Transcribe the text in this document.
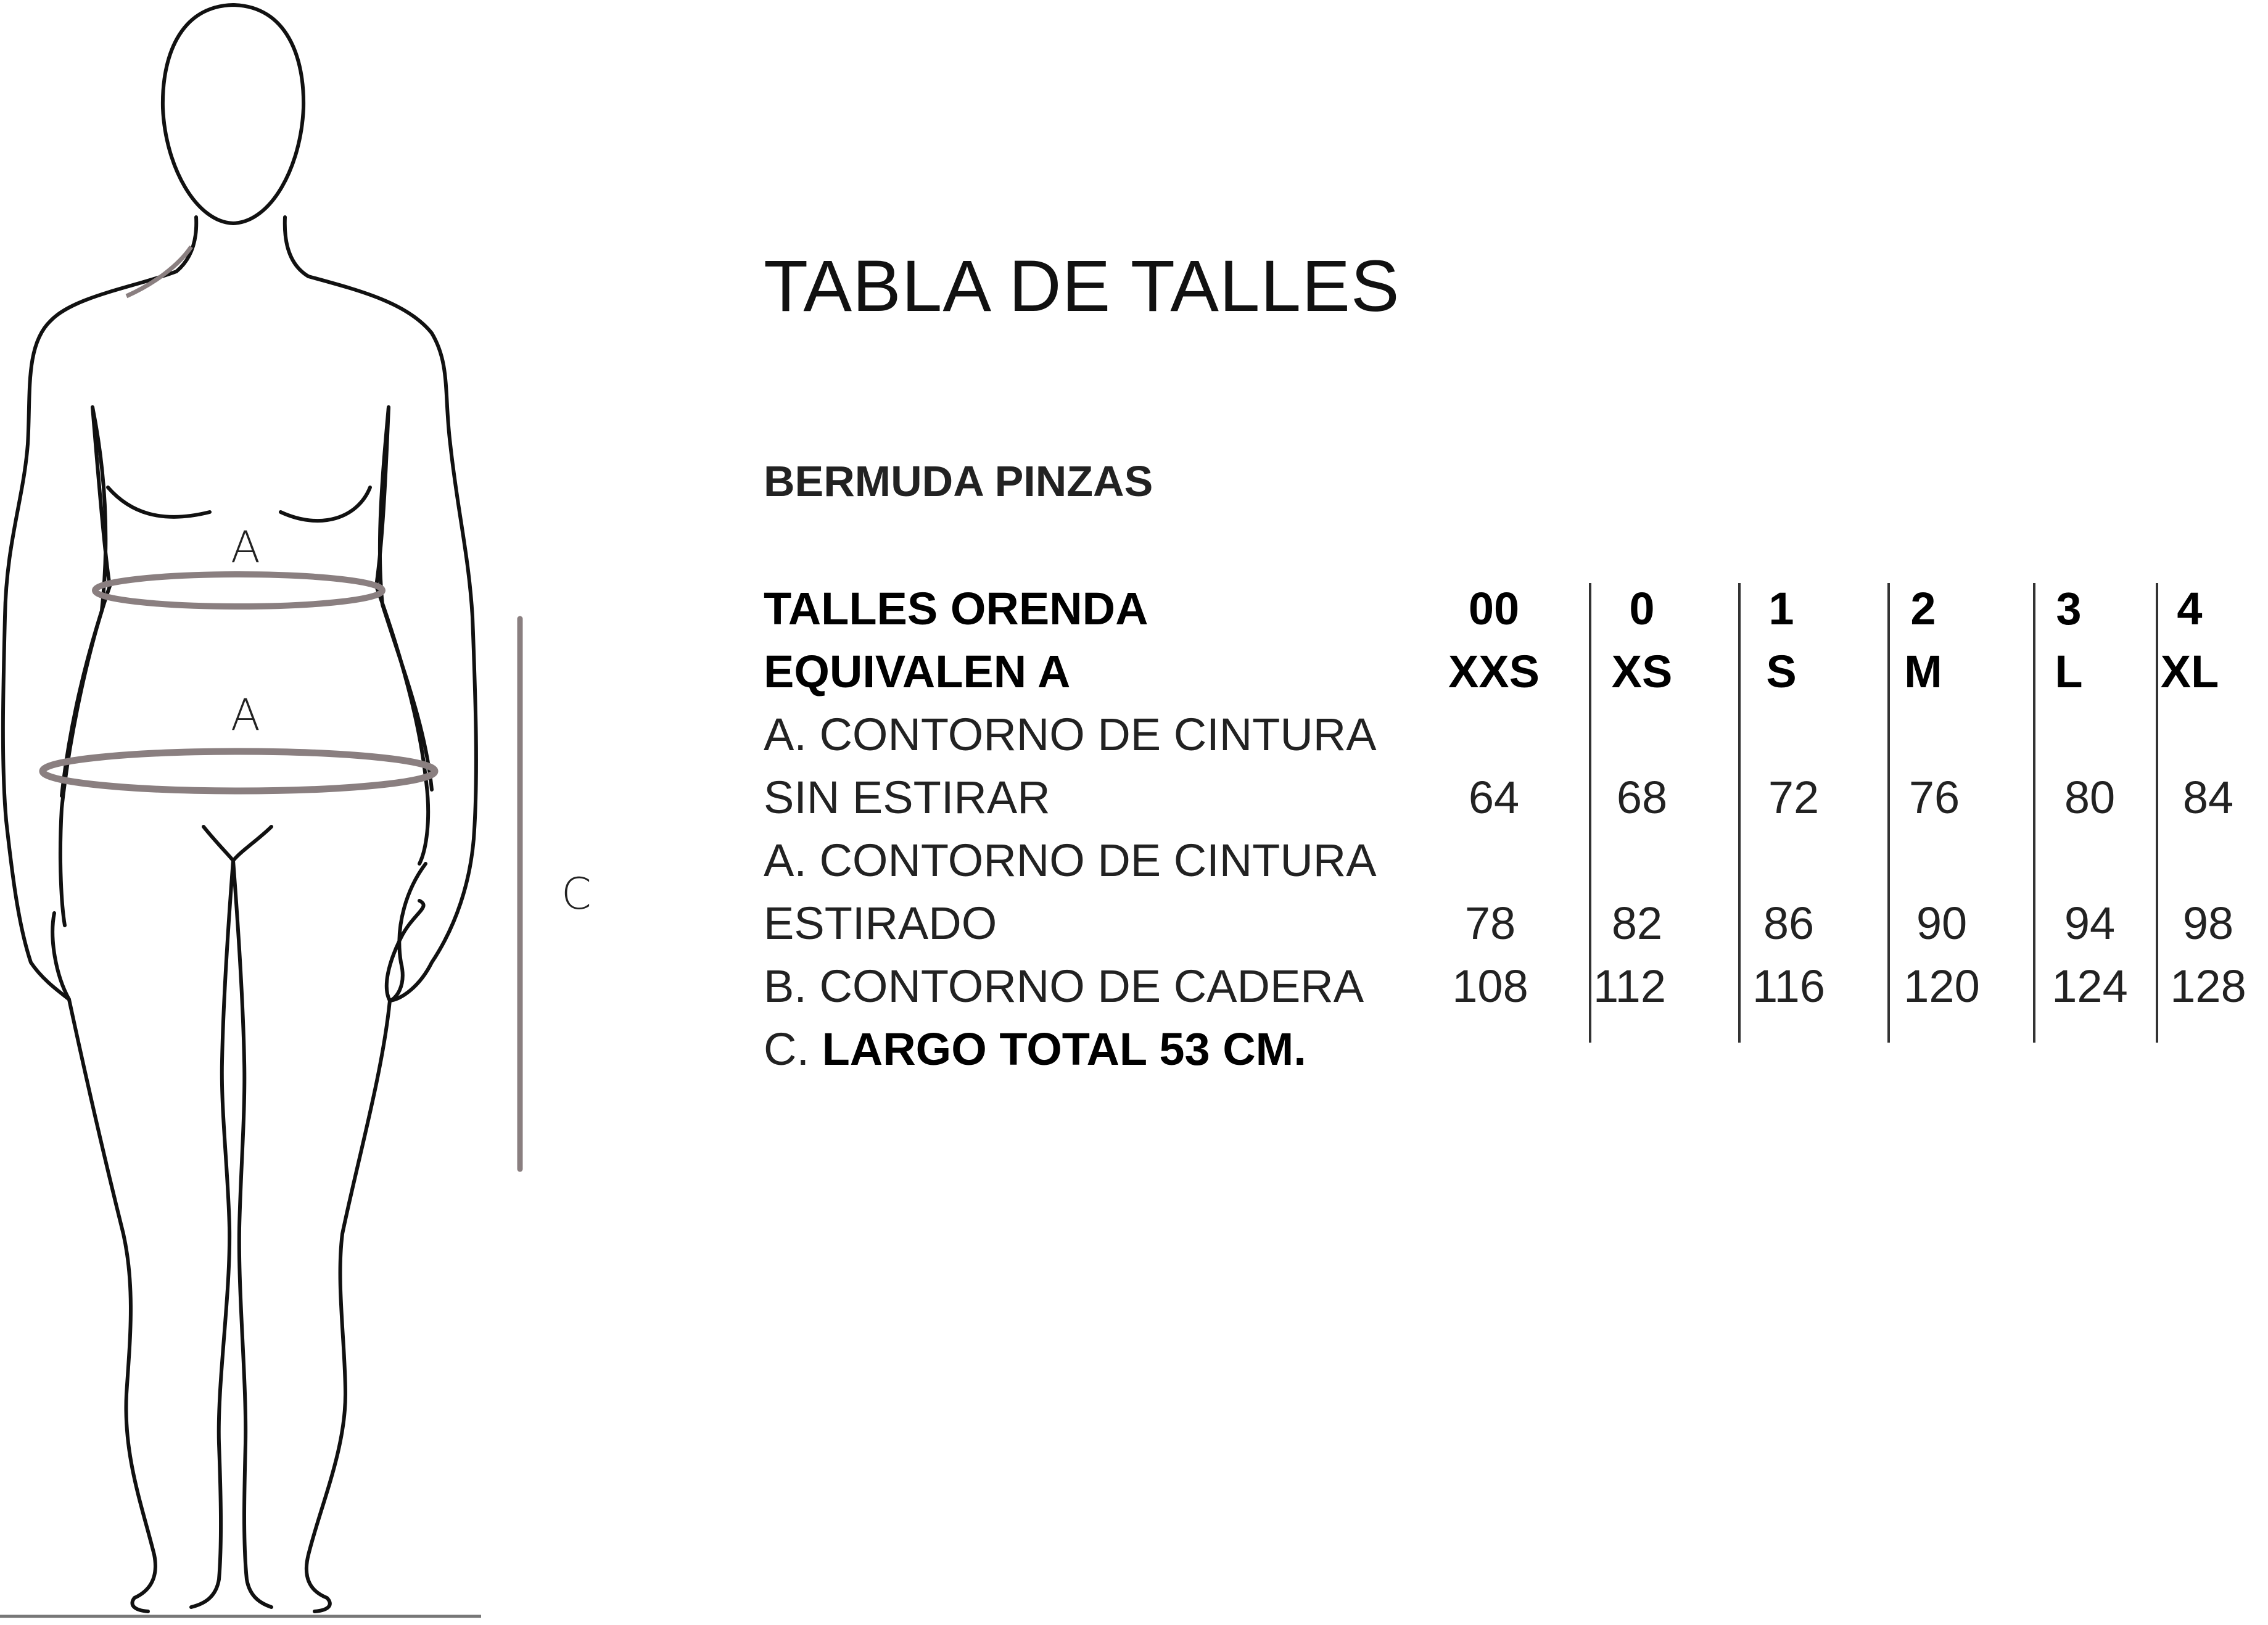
A
A
C
TABLA DE TALLES
BERMUDA PINZAS
TALLES ORENDA	00	0	1	2	3	4
EQUIVALEN A	XXS	XS	S	M	L	XL
A. CONTORNO DE CINTURA
SIN ESTIRAR	64	68	72	76	80	84
A. CONTORNO DE CINTURA
ESTIRADO	78	82	86	90	94	98
B. CONTORNO DE CADERA	108	112	116	120	124 128
C. LARGO TOTAL 53 CM.
